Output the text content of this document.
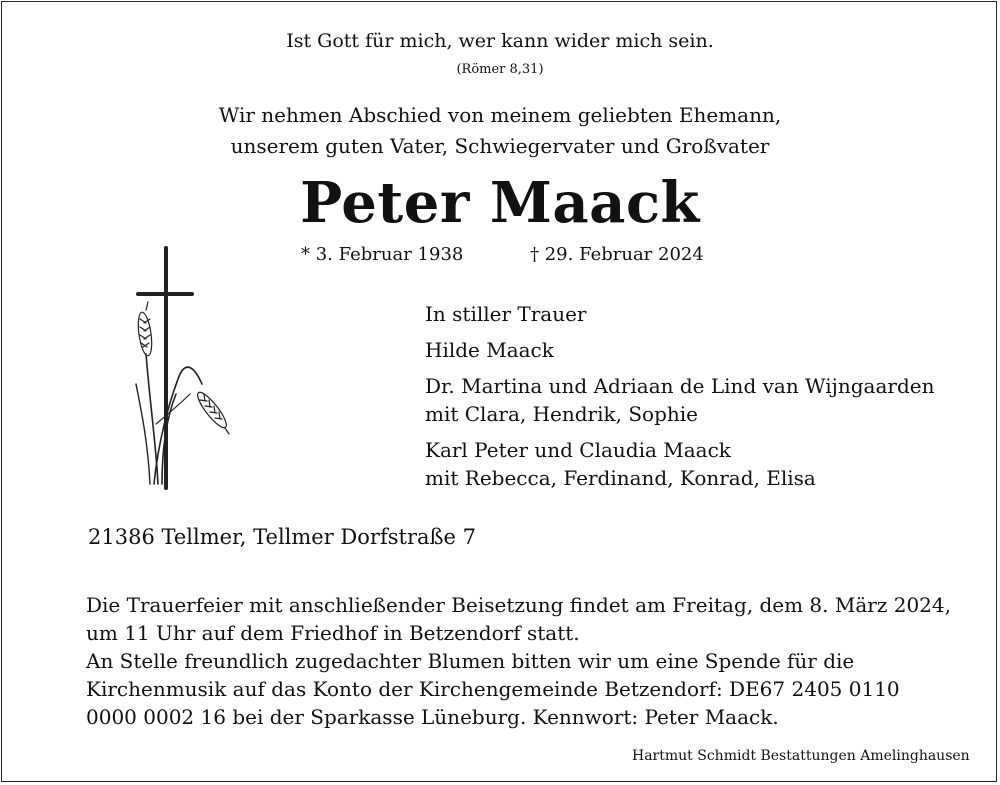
Ist Gott für mich, wer kann wider mich sein.
(Römer 8,31)
Wir nehmen Abschied von meinem geliebten Ehemann,
unserem guten Vater, Schwiegervater und Großvater
Peter Maack
* 3. Februar 1938	† 29. Februar 2024
In stiller Trauer
Hilde Maack
Dr. Martina und Adriaan de Lind van Wijngaarden
mit Clara, Hendrik, Sophie
Karl Peter und Claudia Maack
mit Rebecca, Ferdinand, Konrad, Elisa
21386 Tellmer, Tellmer Dorfstraße 7
Die Trauerfeier mit anschließender Beisetzung findet am Freitag, dem 8. März 2024,
um 11 Uhr auf dem Friedhof in Betzendorf statt.
An Stelle freundlich zugedachter Blumen bitten wir um eine Spende für die
Kirchenmusik auf das Konto der Kirchengemeinde Betzendorf: DE67 2405 0110
0000 0002 16 bei der Sparkasse Lüneburg. Kennwort: Peter Maack.
Hartmut Schmidt Bestattungen Amelinghausen
